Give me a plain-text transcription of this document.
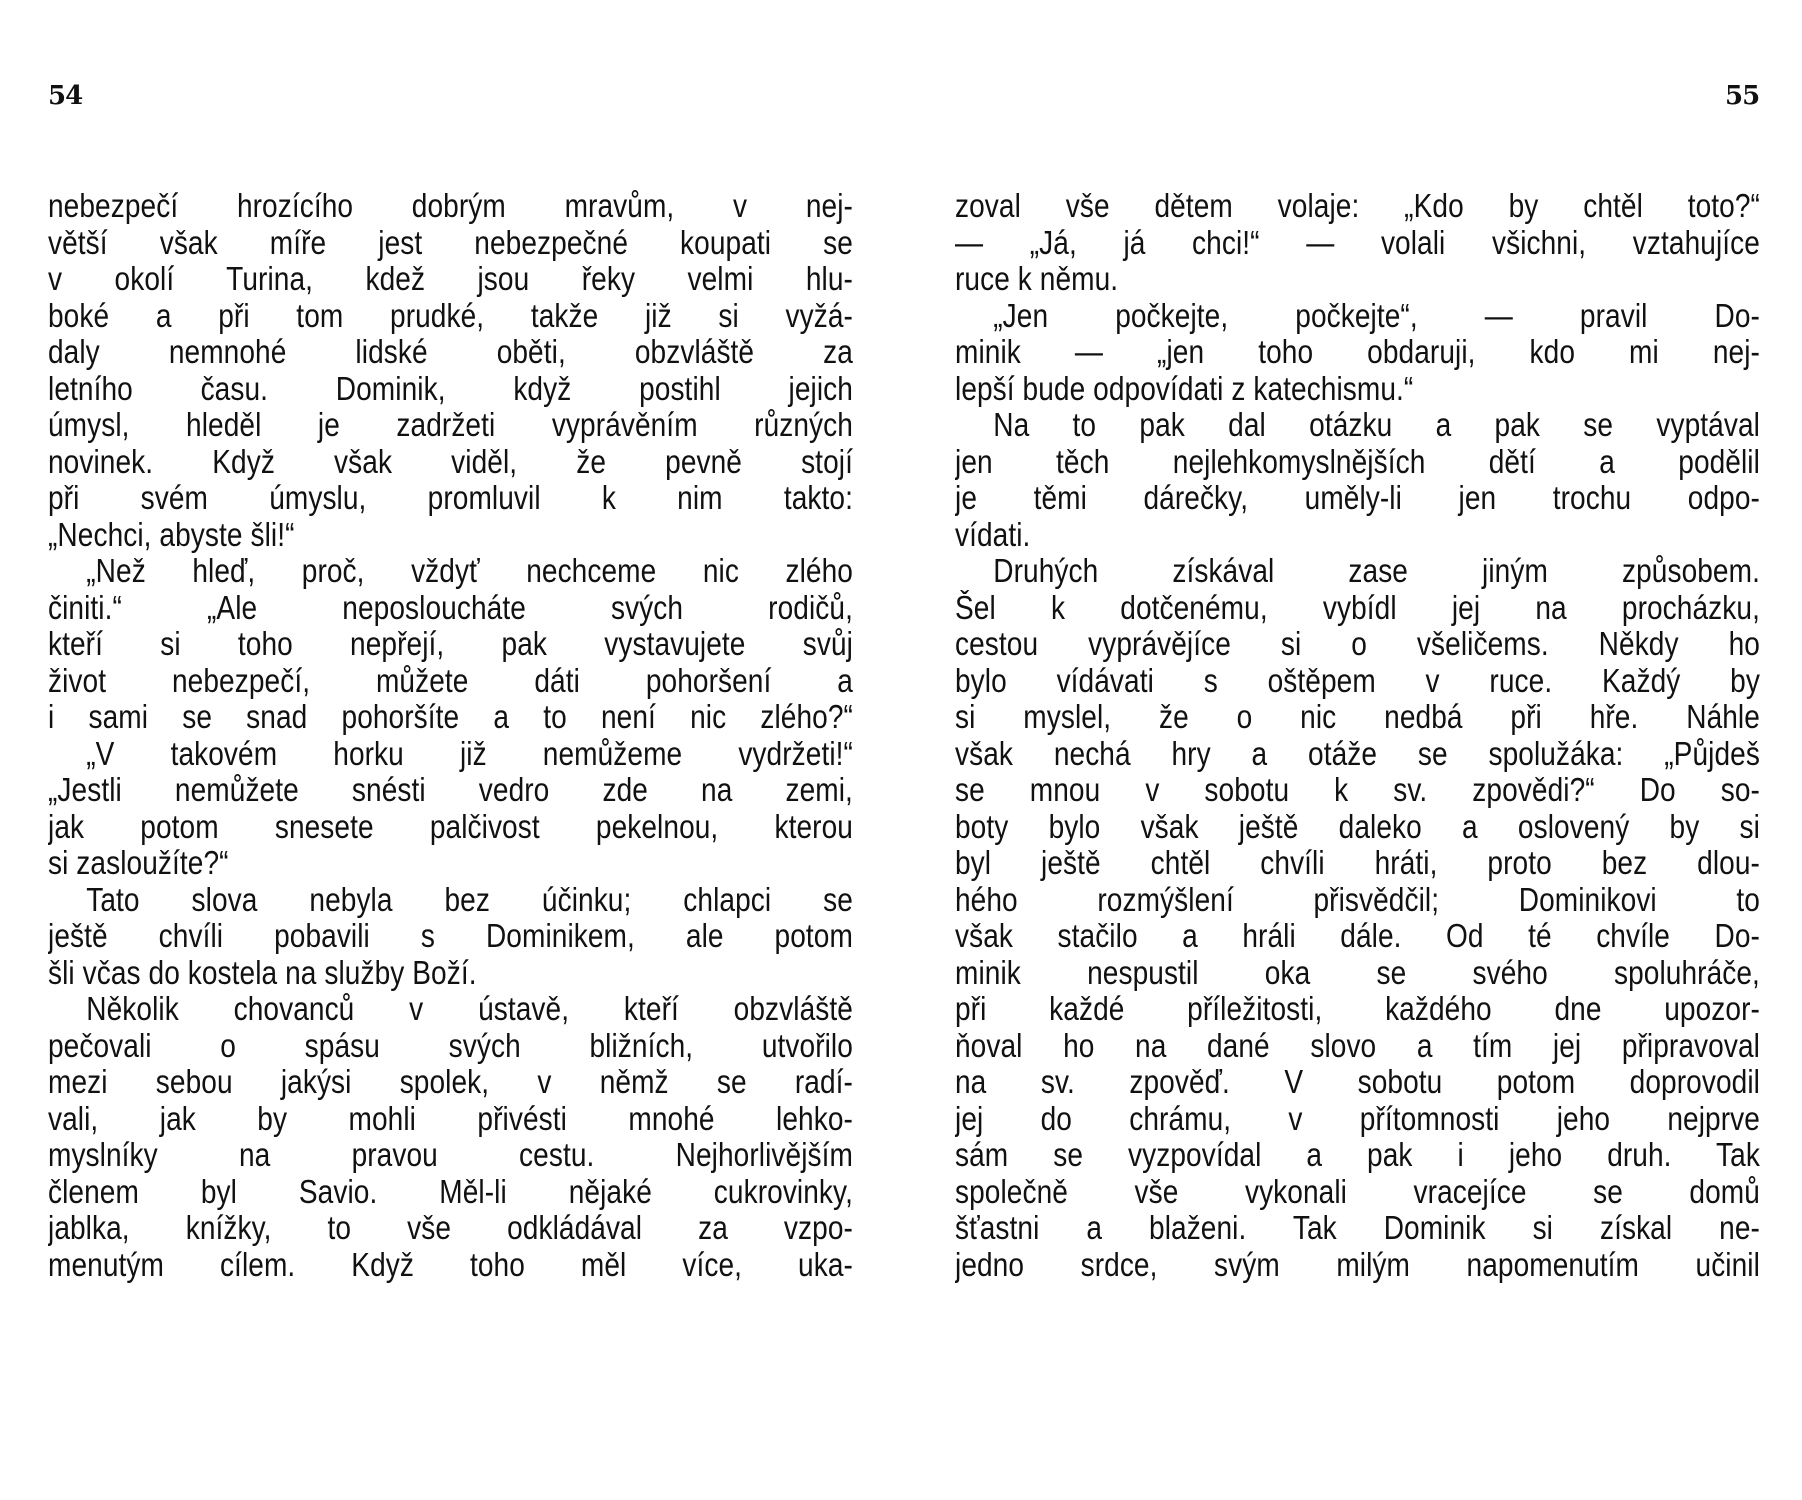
54	55
nebezpečí hrozícího dobrým mravům, v nej-
větší však míře jest nebezpečné koupati se
v okolí Turina, kdež jsou řeky velmi hlu-
boké a při tom prudké, takže již si vyžá-
daly nemnohé lidské oběti, obzvláště za
letního času. Dominik, když postihl jejich
úmysl, hleděl je zadržeti vyprávěním různých
novinek. Když však viděl, že pevně stojí
při svém úmyslu, promluvil k nim takto:
„Nechci, abyste šli!“
„Než hleď, proč, vždyť nechceme nic zlého
činiti.“ „Ale neposloucháte svých rodičů,
kteří si toho nepřejí, pak vystavujete svůj
život nebezpečí, můžete dáti pohoršení a
i sami se snad pohoršíte a to není nic zlého?“
„V takovém horku již nemůžeme vydržeti!“
„Jestli nemůžete snésti vedro zde na zemi,
jak potom snesete palčivost pekelnou, kterou
si zasloužíte?“
Tato slova nebyla bez účinku; chlapci se
ještě chvíli pobavili s Dominikem, ale potom
šli včas do kostela na služby Boží.
Několik chovanců v ústavě, kteří obzvláště
pečovali o spásu svých bližních, utvořilo
mezi sebou jakýsi spolek, v němž se radí-
vali, jak by mohli přivésti mnohé lehko-
myslníky na pravou cestu. Nejhorlivějším
členem byl Savio. Měl-li nějaké cukrovinky,
jablka, knížky, to vše odkládával za vzpo-
menutým cílem. Když toho měl více, uka-
zoval vše dětem volaje: „Kdo by chtěl toto?“
— „Já, já chci!“ — volali všichni, vztahujíce
ruce k němu.
„Jen počkejte, počkejte“, — pravil Do-
minik — „jen toho obdaruji, kdo mi nej-
lepší bude odpovídati z katechismu.“
Na to pak dal otázku a pak se vyptával
jen těch nejlehkomyslnějších dětí a podělil
je těmi dárečky, uměly-li jen trochu odpo-
vídati.
Druhých získával zase jiným způsobem.
Šel k dotčenému, vybídl jej na procházku,
cestou vyprávějíce si o všeličems. Někdy ho
bylo vídávati s oštěpem v ruce. Každý by
si myslel, že o nic nedbá při hře. Náhle
však nechá hry a otáže se spolužáka: „Půjdeš
se mnou v sobotu k sv. zpovědi?“ Do so-
boty bylo však ještě daleko a oslovený by si
byl ještě chtěl chvíli hráti, proto bez dlou-
hého rozmýšlení přisvědčil; Dominikovi to
však stačilo a hráli dále. Od té chvíle Do-
minik nespustil oka se svého spoluhráče,
při každé příležitosti, každého dne upozor-
ňoval ho na dané slovo a tím jej připravoval
na sv. zpověď. V sobotu potom doprovodil
jej do chrámu, v přítomnosti jeho nejprve
sám se vyzpovídal a pak i jeho druh. Tak
společně vše vykonali vracejíce se domů
šťastni a blaženi. Tak Dominik si získal ne-
jedno srdce, svým milým napomenutím učinil
